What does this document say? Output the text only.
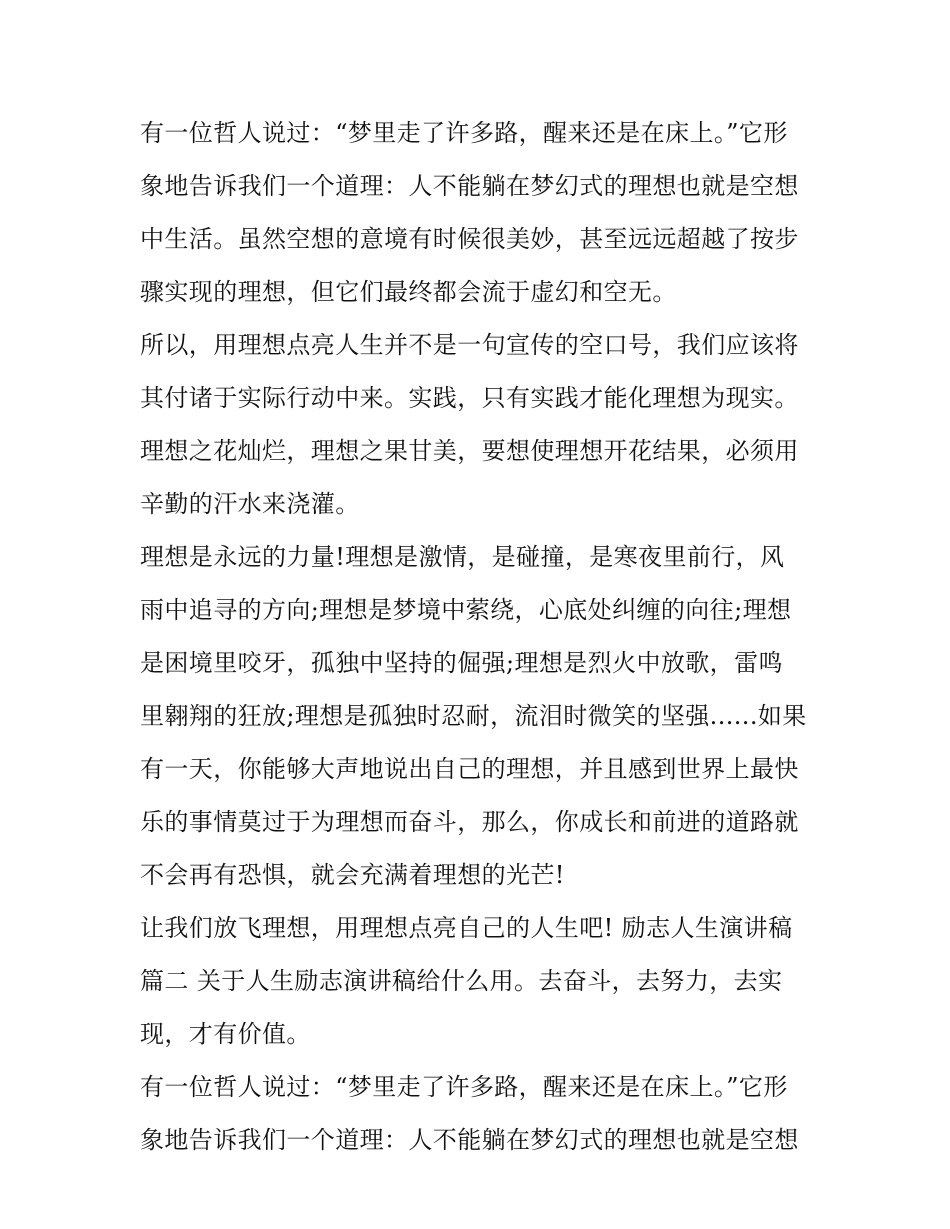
有一位哲人说过：“梦里走了许多路，醒来还是在床上。”它形
象地告诉我们一个道理：人不能躺在梦幻式的理想也就是空想
中生活。虽然空想的意境有时候很美妙，甚至远远超越了按步
骤实现的理想，但它们最终都会流于虚幻和空无。
所以，用理想点亮人生并不是一句宣传的空口号，我们应该将
其付诸于实际行动中来。实践，只有实践才能化理想为现实。
理想之花灿烂，理想之果甘美，要想使理想开花结果，必须用
辛勤的汗水来浇灌。
理想是永远的力量!理想是激情，是碰撞，是寒夜里前行，风
雨中追寻的方向;理想是梦境中萦绕，心底处纠缠的向往;理想
是困境里咬牙，孤独中坚持的倔强;理想是烈火中放歌，雷鸣
里翱翔的狂放;理想是孤独时忍耐，流泪时微笑的坚强......如果
有一天，你能够大声地说出自己的理想，并且感到世界上最快
乐的事情莫过于为理想而奋斗，那么，你成长和前进的道路就
不会再有恐惧，就会充满着理想的光芒!
让我们放飞理想，用理想点亮自己的人生吧! 励志人生演讲稿
篇二 关于人生励志演讲稿给什么用。去奋斗，去努力，去实
现，才有价值。
有一位哲人说过：“梦里走了许多路，醒来还是在床上。”它形
象地告诉我们一个道理：人不能躺在梦幻式的理想也就是空想
